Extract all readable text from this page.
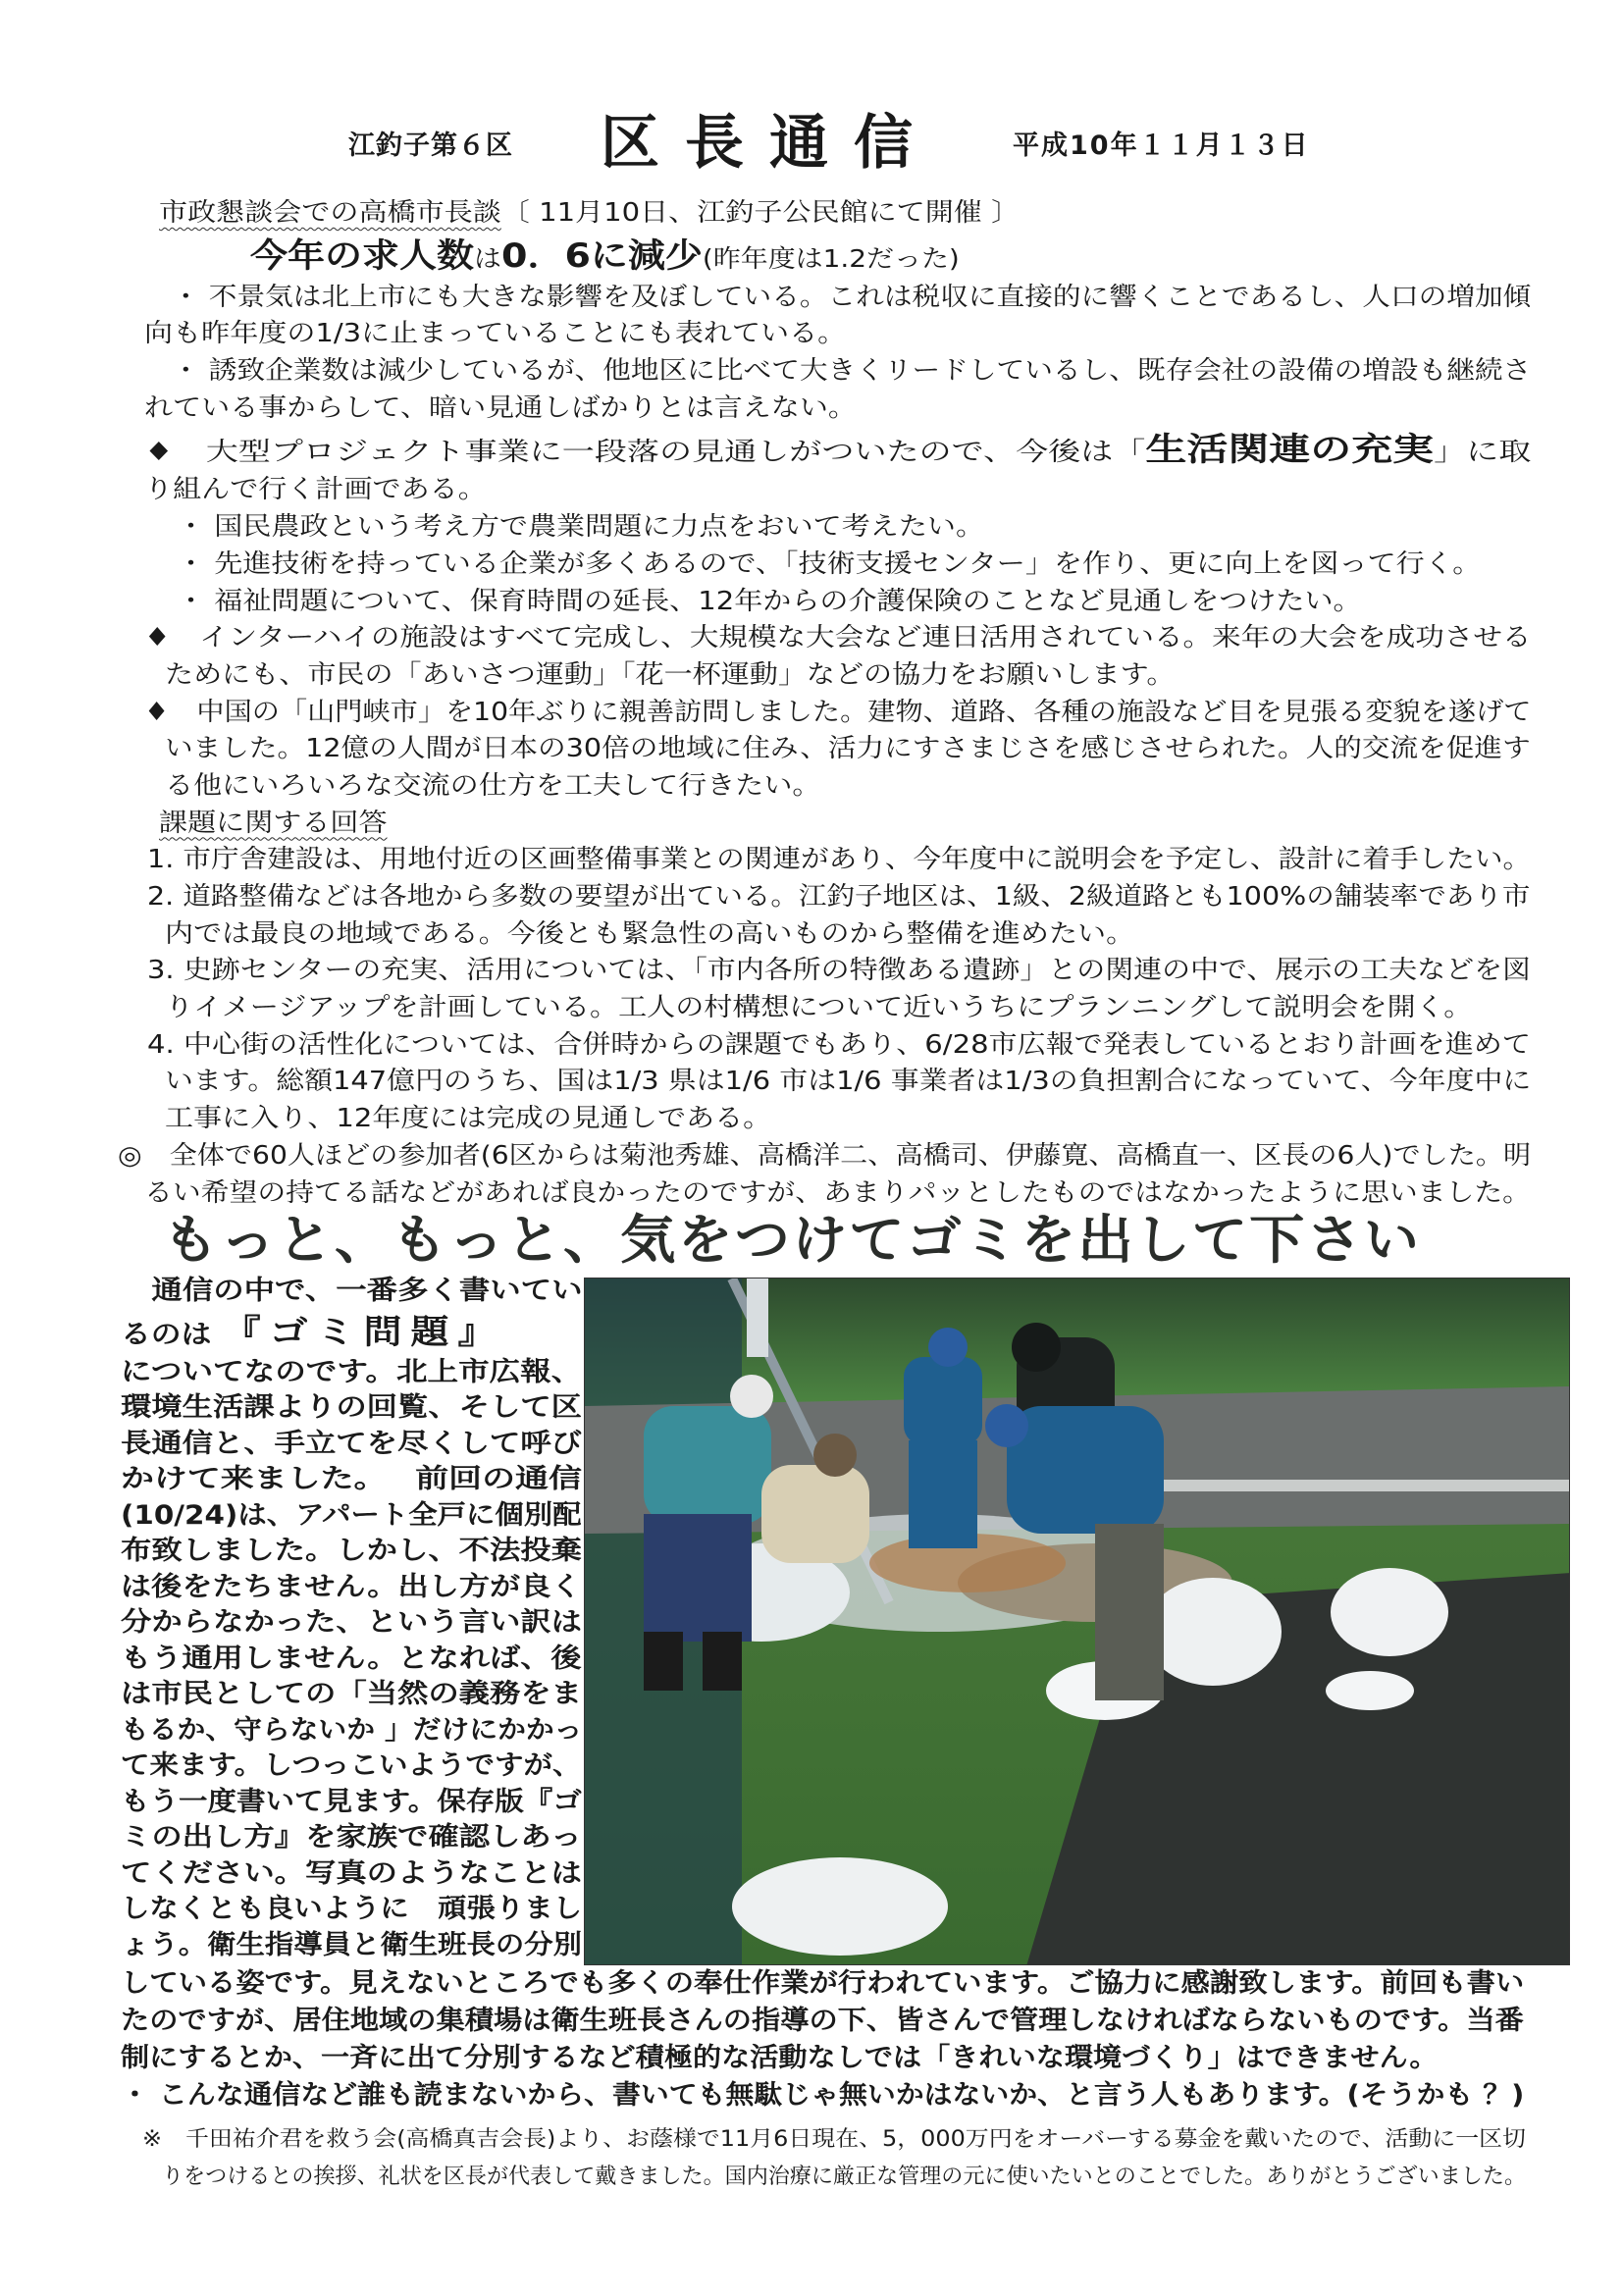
江釣子第６区 区長通信	平成10年１１月１３日
市政懇談会での高橋市長談〔 11月10日、江釣子公民館にて開催 〕
今年の求人数は0．6に減少(昨年度は1.2だった)
・ 不景気は北上市にも大きな影響を及ぼしている。これは税収に直接的に響くことであるし、人口の増加傾
向も昨年度の1/3に止まっていることにも表れている。
・ 誘致企業数は減少しているが、他地区に比べて大きくリードしているし、既存会社の設備の増設も継続さ
れている事からして、暗い見通しばかりとは言えない。
♦　大型プロジェクト事業に一段落の見通しがついたので、今後は「生活関連の充実」に取
り組んで行く計画である。
・ 国民農政という考え方で農業問題に力点をおいて考えたい。
・ 先進技術を持っている企業が多くあるので、「技術支援センター」を作り、更に向上を図って行く。
・ 福祉問題について、保育時間の延長、12年からの介護保険のことなど見通しをつけたい。
♦　インターハイの施設はすべて完成し、大規模な大会など連日活用されている。来年の大会を成功させる
ためにも、市民の「あいさつ運動」「花一杯運動」などの協力をお願いします。
♦　中国の「山門峡市」を10年ぶりに親善訪問しました。建物、道路、各種の施設など目を見張る変貌を遂げて
いました。12億の人間が日本の30倍の地域に住み、活力にすさまじさを感じさせられた。人的交流を促進す
る他にいろいろな交流の仕方を工夫して行きたい。
課題に関する回答
1. 市庁舎建設は、用地付近の区画整備事業との関連があり、今年度中に説明会を予定し、設計に着手したい。
2. 道路整備などは各地から多数の要望が出ている。江釣子地区は、1級、2級道路とも100%の舗装率であり市
内では最良の地域である。今後とも緊急性の高いものから整備を進めたい。
3. 史跡センターの充実、活用については、「市内各所の特徴ある遺跡」との関連の中で、展示の工夫などを図
りイメージアップを計画している。工人の村構想について近いうちにプランニングして説明会を開く。
4. 中心街の活性化については、合併時からの課題でもあり、6/28市広報で発表しているとおり計画を進めて
います。総額147億円のうち、国は1/3 県は1/6 市は1/6 事業者は1/3の負担割合になっていて、今年度中に
工事に入り、12年度には完成の見通しである。
◎　全体で60人ほどの参加者(6区からは菊池秀雄、高橋洋二、高橋司、伊藤寛、高橋直一、区長の6人)でした。明
るい希望の持てる話などがあれば良かったのですが、あまりパッとしたものではなかったように思いました。
もっと、もっと、気をつけてゴミを出して下さい
　通信の中で、一番多く書いてい
るのは　『ゴミ問題』
についてなのです。北上市広報、
環境生活課よりの回覧、そして区
長通信と、手立てを尽くして呼び
かけて来ました。　 前回の通信
(10/24)は、アパート全戸に個別配
布致しました。しかし、不法投棄
は後をたちません。出し方が良く
分からなかった、という言い訳は
もう通用しません。となれば、後
は市民としての「当然の義務をま
もるか、守らないか 」だけにかかっ
て来ます。しつっこいようですが、
もう一度書いて見ます。保存版『ゴ
ミの出し方』を家族で確認しあっ
てください。写真のようなことは
しなくとも良いように　頑張りまし
ょう。衛生指導員と衛生班長の分別
している姿です。見えないところでも多くの奉仕作業が行われています。ご協力に感謝致します。前回も書い
たのですが、居住地域の集積場は衛生班長さんの指導の下、皆さんで管理しなければならないものです。当番
制にするとか、一斉に出て分別するなど積極的な活動なしでは「きれいな環境づくり」はできません。
・ こんな通信など誰も読まないから、書いても無駄じゃ無いかはないか、と言う人もあります。(そうかも ？)
※　千田祐介君を救う会(高橋真吉会長)より、お蔭様で11月6日現在、5，000万円をオーバーする募金を戴いたので、活動に一区切
りをつけるとの挨拶、礼状を区長が代表して戴きました。国内治療に厳正な管理の元に使いたいとのことでした。ありがとうございました。
